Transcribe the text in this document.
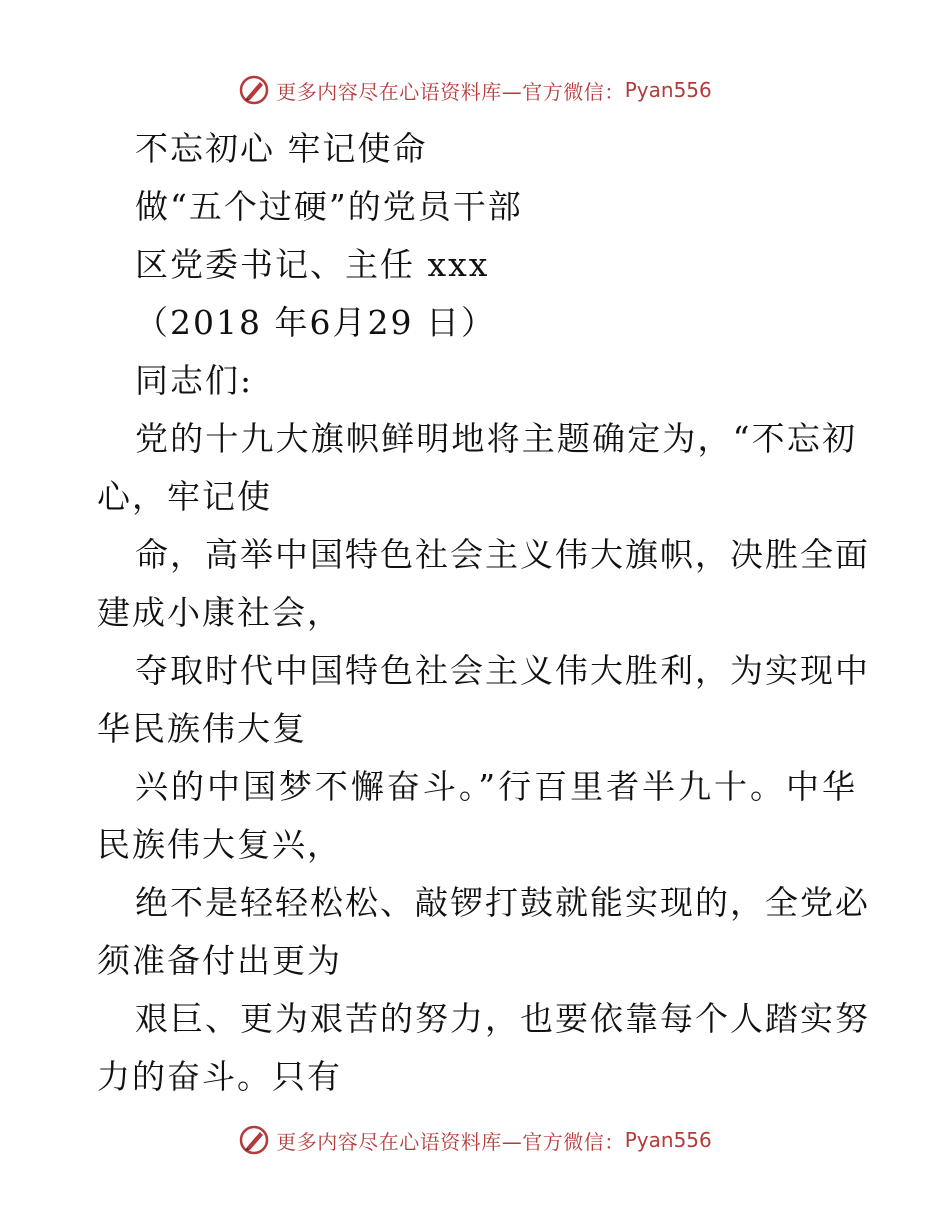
更多内容尽在心语资料库—官方微信： Pyan556
不忘初心 牢记使命
做“五个过硬”的党员干部
区党委书记、主任 xxx
（2018 年6月29 日）
同志们:
党的十九大旗帜鲜明地将主题确定为，“不忘初
心，牢记使
命，高举中国特色社会主义伟大旗帜，决胜全面
建成小康社会，
夺取时代中国特色社会主义伟大胜利，为实现中
华民族伟大复
兴的中国梦不懈奋斗。”行百里者半九十。中华
民族伟大复兴，
绝不是轻轻松松、敲锣打鼓就能实现的，全党必
须准备付出更为
艰巨、更为艰苦的努力，也要依靠每个人踏实努
力的奋斗。只有
更多内容尽在心语资料库—官方微信： Pyan556
